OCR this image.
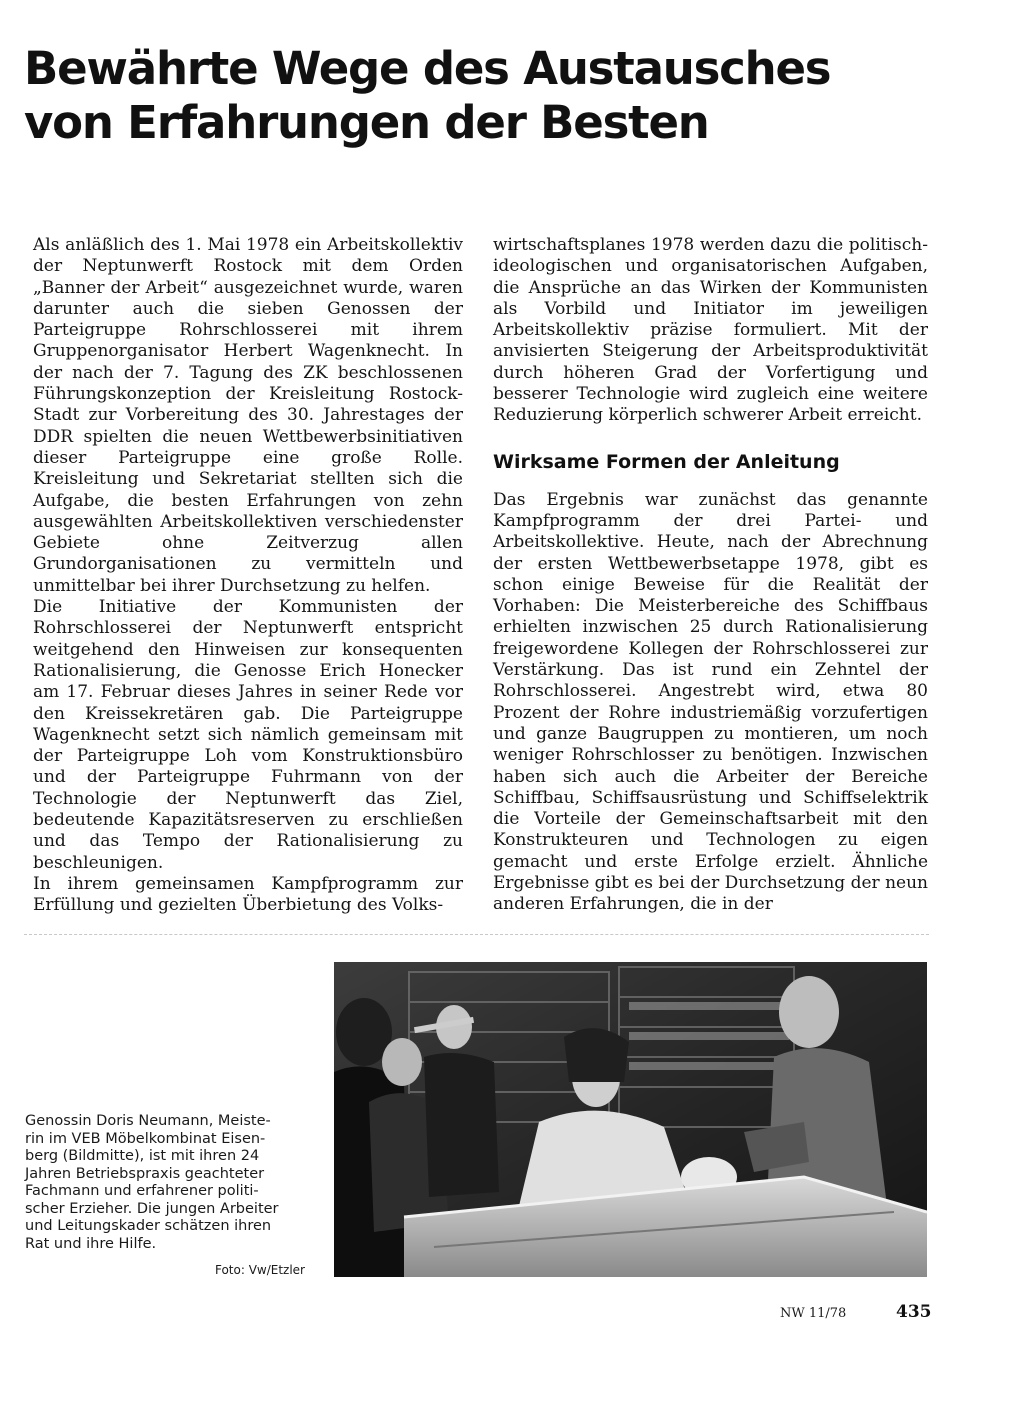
Bewährte Wege des Austausches
von Erfahrungen der Besten

Als anläßlich des 1. Mai 1978 ein Arbeitskollektiv der Neptunwerft Rostock mit dem Orden „Banner der Arbeit“ ausgezeichnet wurde, waren darunter auch die sieben Genossen der Parteigruppe Rohrschlosserei mit ihrem Gruppenorganisator Herbert Wagenknecht. In der nach der 7. Tagung des ZK beschlossenen Führungskonzeption der Kreisleitung Rostock-Stadt zur Vorbereitung des 30. Jahrestages der DDR spielten die neuen Wettbewerbsinitiativen dieser Parteigruppe eine große Rolle. Kreisleitung und Sekretariat stellten sich die Aufgabe, die besten Erfahrungen von zehn ausgewählten Arbeitskollektiven verschiedenster Gebiete ohne Zeitverzug allen Grundorganisationen zu vermitteln und unmittelbar bei ihrer Durchsetzung zu helfen.

Die Initiative der Kommunisten der Rohrschlosserei der Neptunwerft entspricht weitgehend den Hinweisen zur konsequenten Rationalisierung, die Genosse Erich Honecker am 17. Februar dieses Jahres in seiner Rede vor den Kreissekretären gab. Die Parteigruppe Wagenknecht setzt sich nämlich gemeinsam mit der Parteigruppe Loh vom Konstruktionsbüro und der Parteigruppe Fuhrmann von der Technologie der Neptunwerft das Ziel, bedeutende Kapazitätsreserven zu erschließen und das Tempo der Rationalisierung zu beschleunigen.

In ihrem gemeinsamen Kampfprogramm zur Erfüllung und gezielten Überbietung des Volks-

wirtschaftsplanes 1978 werden dazu die politisch-ideologischen und organisatorischen Aufgaben, die Ansprüche an das Wirken der Kommunisten als Vorbild und Initiator im jeweiligen Arbeitskollektiv präzise formuliert. Mit der anvisierten Steigerung der Arbeitsproduktivität durch höheren Grad der Vorfertigung und besserer Technologie wird zugleich eine weitere Reduzierung körperlich schwerer Arbeit erreicht.

Wirksame Formen der Anleitung

Das Ergebnis war zunächst das genannte Kampfprogramm der drei Partei- und Arbeitskollektive. Heute, nach der Abrechnung der ersten Wettbewerbsetappe 1978, gibt es schon einige Beweise für die Realität der Vorhaben: Die Meisterbereiche des Schiffbaus erhielten inzwischen 25 durch Rationalisierung freigewordene Kollegen der Rohrschlosserei zur Verstärkung. Das ist rund ein Zehntel der Rohrschlosserei. Angestrebt wird, etwa 80 Prozent der Rohre industriemäßig vorzufertigen und ganze Baugruppen zu montieren, um noch weniger Rohrschlosser zu benötigen. Inzwischen haben sich auch die Arbeiter der Bereiche Schiffbau, Schiffsausrüstung und Schiffselektrik die Vorteile der Gemeinschaftsarbeit mit den Konstrukteuren und Technologen zu eigen gemacht und erste Erfolge erzielt. Ähnliche Ergebnisse gibt es bei der Durchsetzung der neun anderen Erfahrungen, die in der

Genossin Doris Neumann, Meiste-
rin im VEB Möbelkombinat Eisen-
berg (Bildmitte), ist mit ihren 24
Jahren Betriebspraxis geachteter
Fachmann und erfahrener politi-
scher Erzieher. Die jungen Arbeiter
und Leitungskader schätzen ihren
Rat und ihre Hilfe.

Foto: Vw/Etzler
NW 11/78	435
